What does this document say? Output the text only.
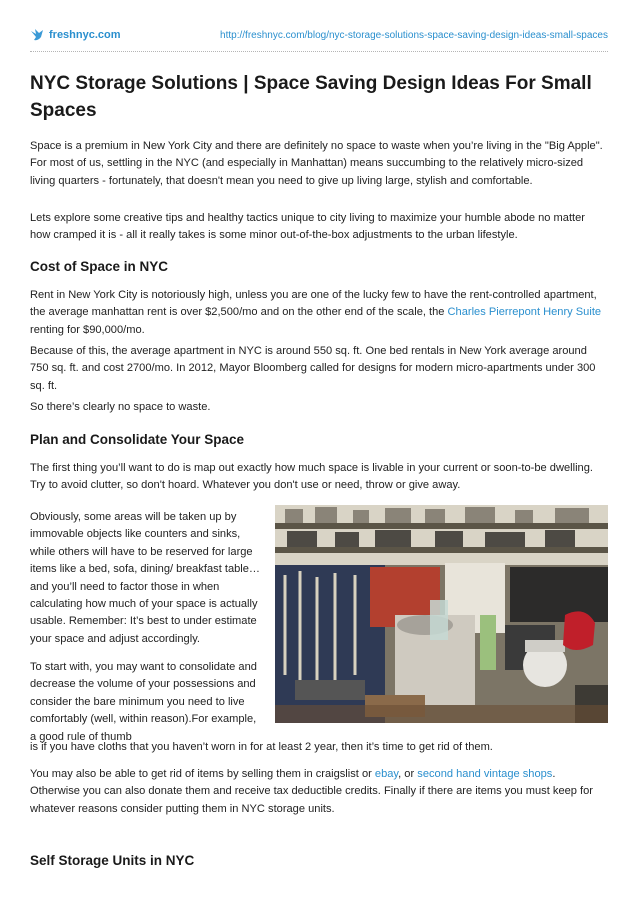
freshnyc.com	http://freshnyc.com/blog/nyc-storage-solutions-space-saving-design-ideas-small-spaces
NYC Storage Solutions | Space Saving Design Ideas For Small Spaces

Space is a premium in New York City and there are definitely no space to waste when you’re living in the "Big Apple". For most of us, settling in the NYC (and especially in Manhattan) means succumbing to the relatively micro-sized living quarters - fortunately, that doesn't mean you need to give up living large, stylish and comfortable.

Lets explore some creative tips and healthy tactics unique to city living to maximize your humble abode no matter how cramped it is - all it really takes is some minor out-of-the-box adjustments to the urban lifestyle.

Cost of Space in NYC

Rent in New York City is notoriously high, unless you are one of the lucky few to have the rent-controlled apartment, the average manhattan rent is over $2,500/mo and on the other end of the scale, the Charles Pierrepont Henry Suite renting for $90,000/mo.

Because of this, the average apartment in NYC is around 550 sq. ft. One bed rentals in New York average around 750 sq. ft. and cost 2700/mo. In 2012, Mayor Bloomberg called for designs for modern micro-apartments under 300 sq. ft.

So there’s clearly no space to waste.

Plan and Consolidate Your Space

The first thing you’ll want to do is map out exactly how much space is livable in your current or soon-to-be dwelling. Try to avoid clutter, so don't hoard. Whatever you don't use or need, throw or give away.

Obviously, some areas will be taken up by immovable objects like counters and sinks, while others will have to be reserved for large items like a bed, sofa, dining/ breakfast table… and you’ll need to factor those in when calculating how much of your space is actually usable. Remember: It’s best to under estimate your space and adjust accordingly.

To start with, you may want to consolidate and decrease the volume of your possessions and consider the bare minimum you need to live comfortably (well, within reason).For example, a good rule of thumb

is if you have cloths that you haven’t worn in for at least 2 year, then it’s time to get rid of them.

You may also be able to get rid of items by selling them in craigslist or ebay, or second hand vintage shops. Otherwise you can also donate them and receive tax deductible credits. Finally if there are items you must keep for whatever reasons consider putting them in NYC storage units.

Self Storage Units in NYC
